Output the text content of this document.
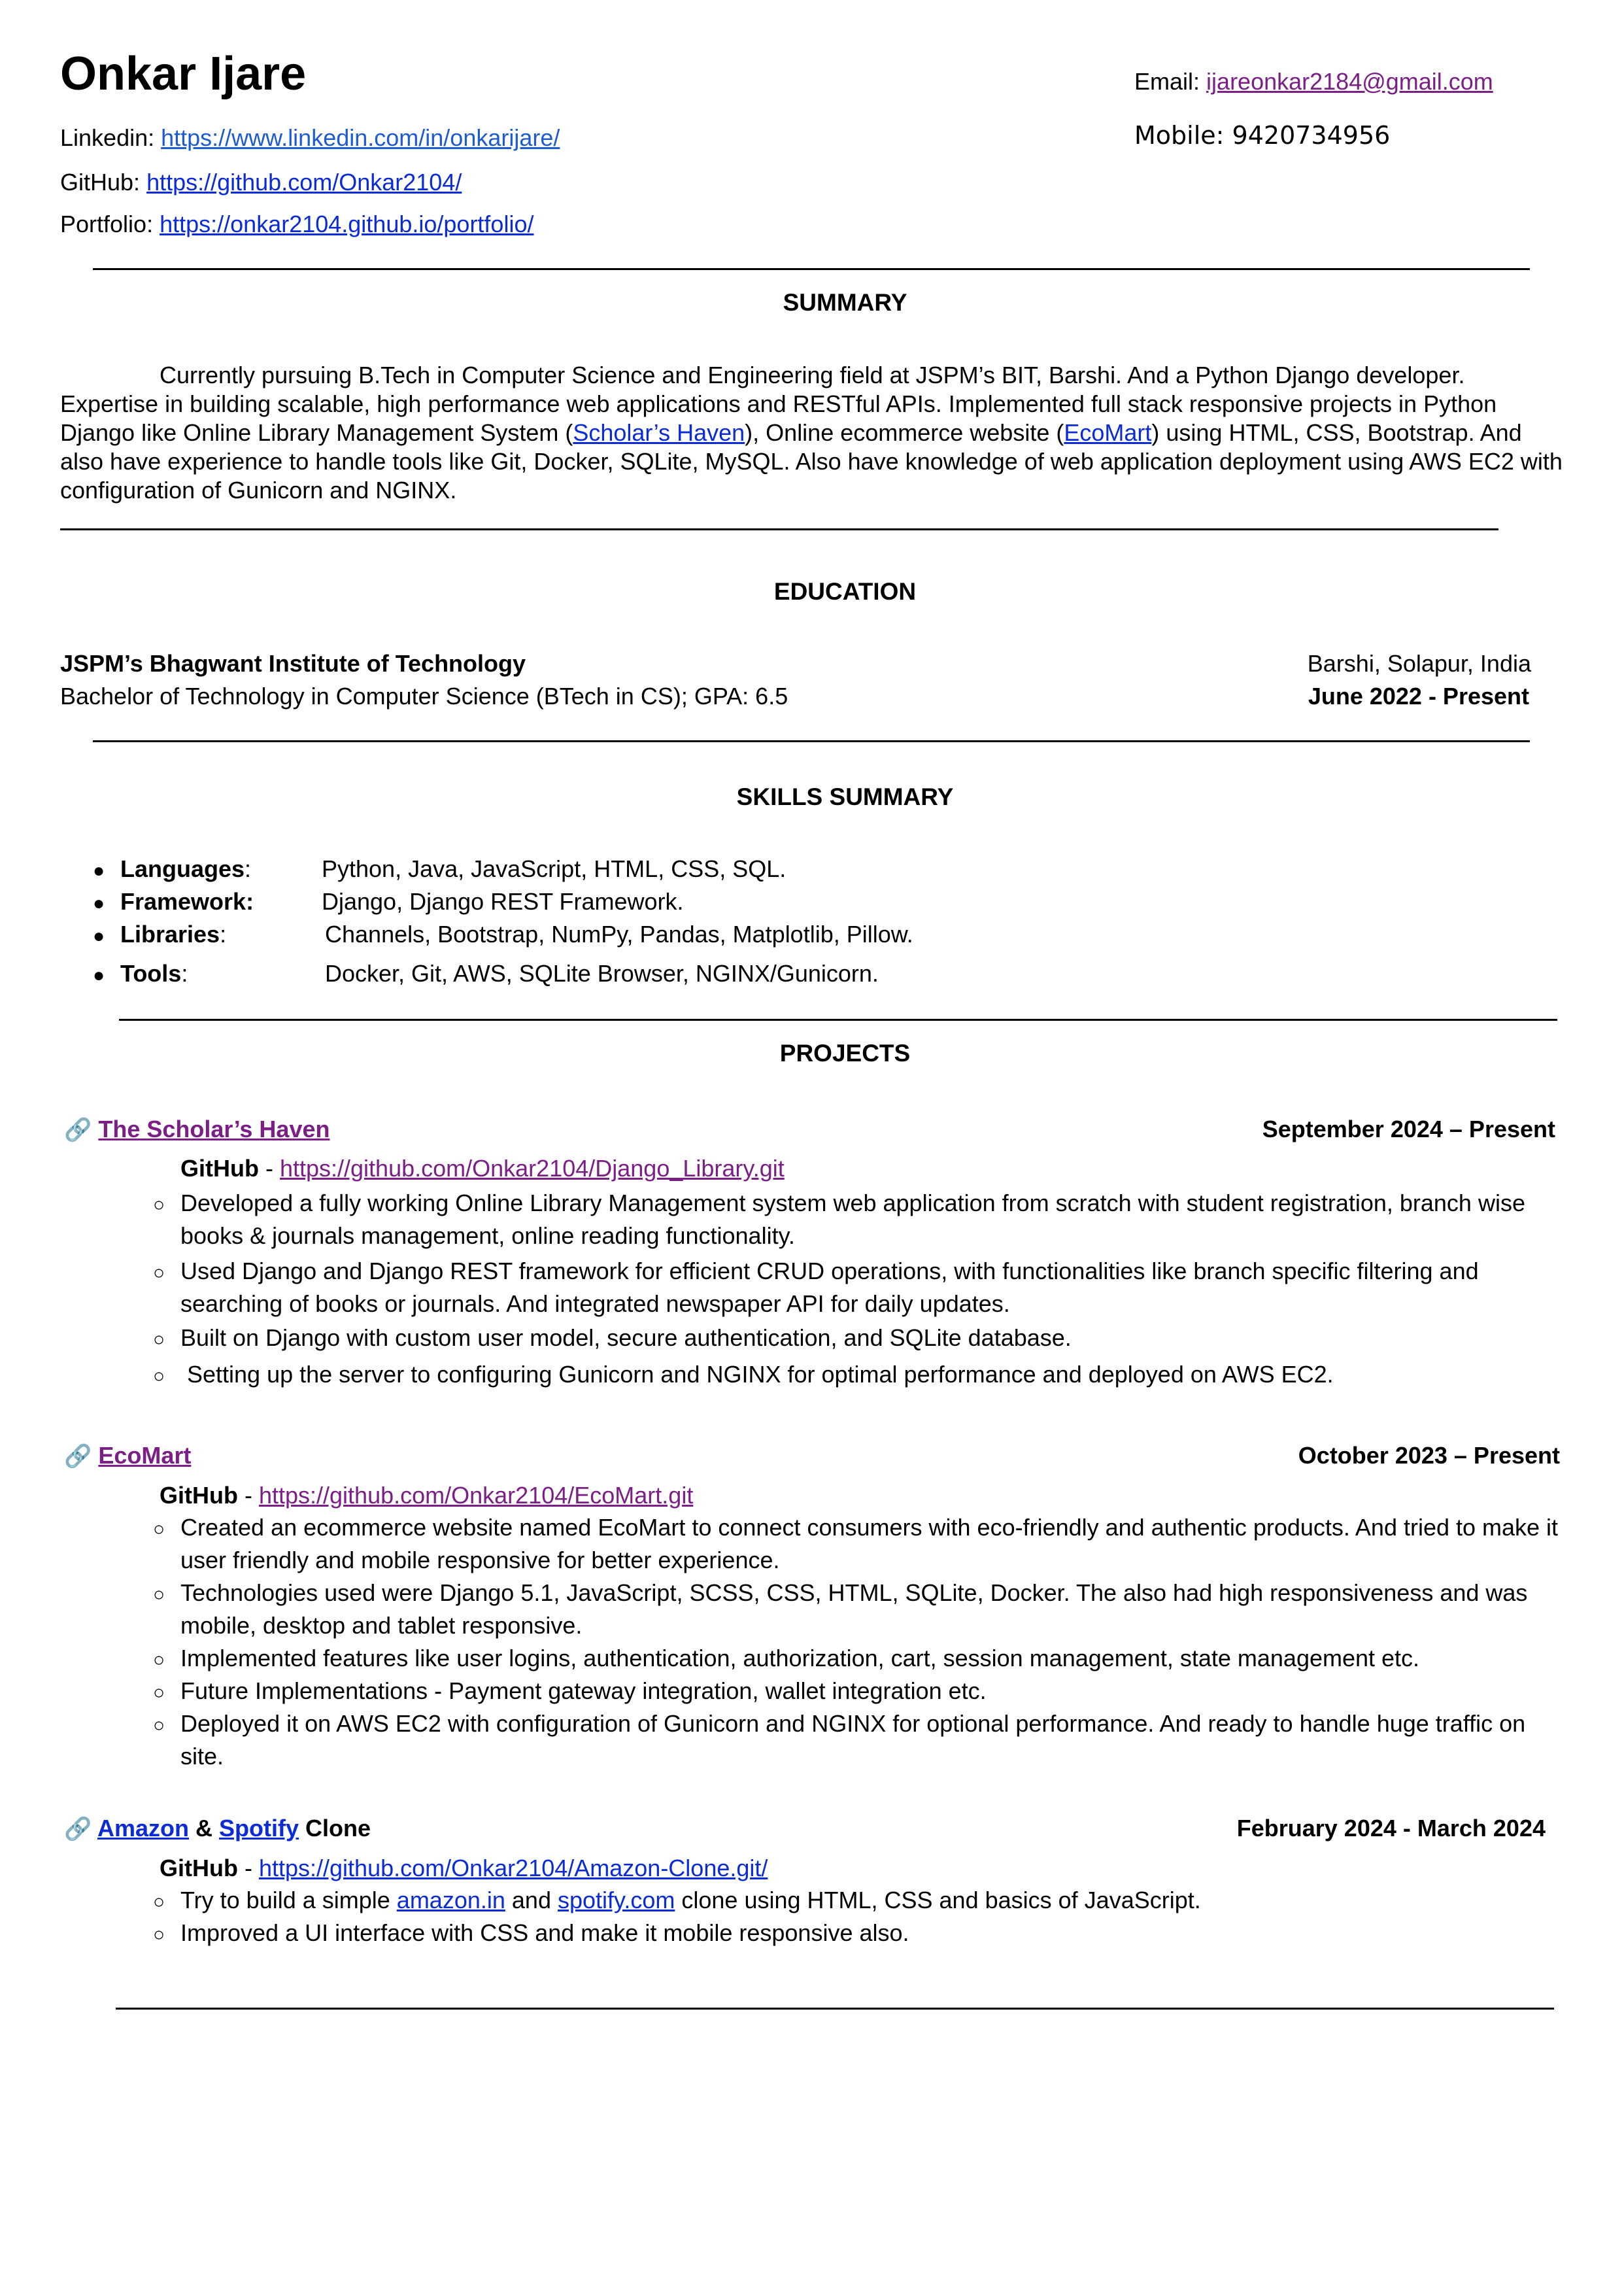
Onkar Ijare	Email: ijareonkar2184@gmail.com
Mobile: 9420734956
Linkedin: https://www.linkedin.com/in/onkarijare/
GitHub: https://github.com/Onkar2104/
Portfolio: https://onkar2104.github.io/portfolio/
SUMMARY
Currently pursuing B.Tech in Computer Science and Engineering field at JSPM’s BIT, Barshi. And a Python Django developer. Expertise in building scalable, high performance web applications and RESTful APIs. Implemented full stack responsive projects in Python Django like Online Library Management System (Scholar’s Haven), Online ecommerce website (EcoMart) using HTML, CSS, Bootstrap. And also have experience to handle tools like Git, Docker, SQLite, MySQL. Also have knowledge of web application deployment using AWS EC2 with configuration of Gunicorn and NGINX.
EDUCATION
JSPM’s Bhagwant Institute of Technology	Barshi, Solapur, India
Bachelor of Technology in Computer Science (BTech in CS); GPA: 6.5	June 2022 - Present
SKILLS SUMMARY
● Languages:	Python, Java, JavaScript, HTML, CSS, SQL.
● Framework:	Django, Django REST Framework.
● Libraries:	Channels, Bootstrap, NumPy, Pandas, Matplotlib, Pillow.
● Tools:	Docker, Git, AWS, SQLite Browser, NGINX/Gunicorn.
PROJECTS
🔗 The Scholar’s Haven	September 2024 – Present
GitHub - https://github.com/Onkar2104/Django_Library.git
○ Developed a fully working Online Library Management system web application from scratch with student registration, branch wise books & journals management, online reading functionality.
○ Used Django and Django REST framework for efficient CRUD operations, with functionalities like branch specific filtering and searching of books or journals. And integrated newspaper API for daily updates.
○ Built on Django with custom user model, secure authentication, and SQLite database.
○ Setting up the server to configuring Gunicorn and NGINX for optimal performance and deployed on AWS EC2.
🔗 EcoMart	October 2023 – Present
GitHub - https://github.com/Onkar2104/EcoMart.git
○ Created an ecommerce website named EcoMart to connect consumers with eco-friendly and authentic products. And tried to make it user friendly and mobile responsive for better experience.
○ Technologies used were Django 5.1, JavaScript, SCSS, CSS, HTML, SQLite, Docker. The also had high responsiveness and was mobile, desktop and tablet responsive.
○ Implemented features like user logins, authentication, authorization, cart, session management, state management etc.
○ Future Implementations - Payment gateway integration, wallet integration etc.
○ Deployed it on AWS EC2 with configuration of Gunicorn and NGINX for optional performance. And ready to handle huge traffic on site.
🔗 Amazon & Spotify Clone	February 2024 - March 2024
GitHub - https://github.com/Onkar2104/Amazon-Clone.git/
○ Try to build a simple amazon.in and spotify.com clone using HTML, CSS and basics of JavaScript.
○ Improved a UI interface with CSS and make it mobile responsive also.
